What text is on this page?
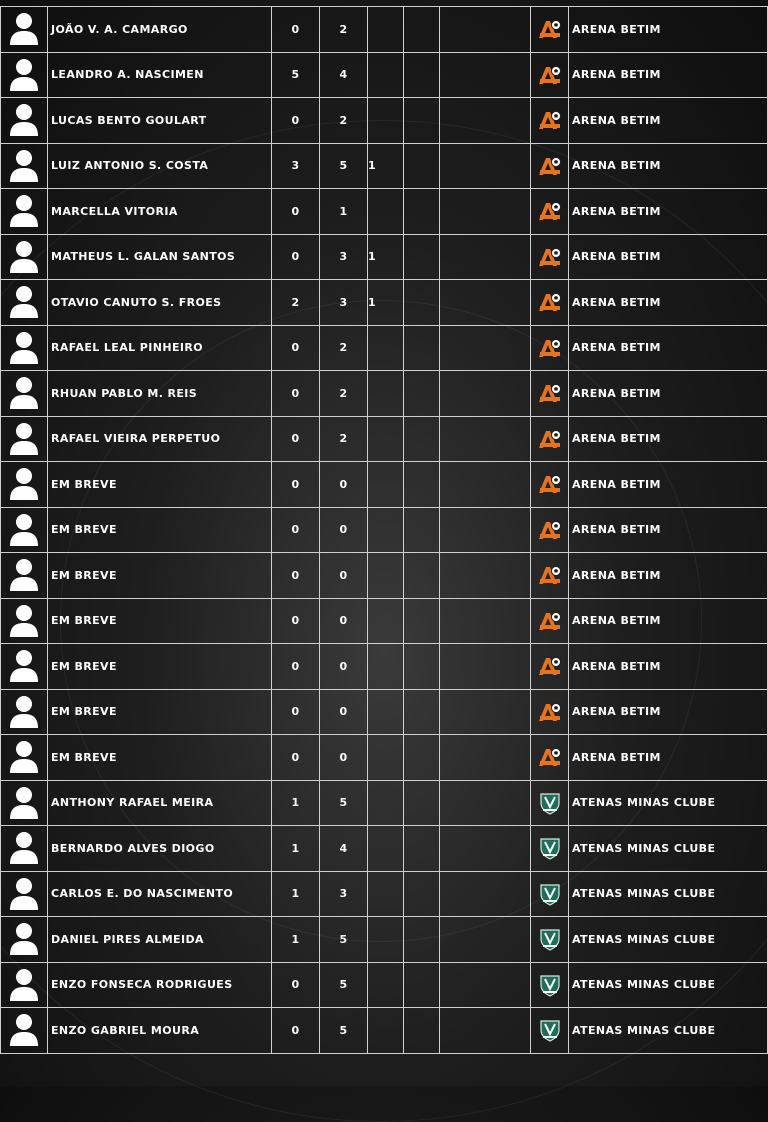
	JOÃO V. A. CAMARGO	0	2					ARENA BETIM
	LEANDRO A. NASCIMEN	5	4					ARENA BETIM
	LUCAS BENTO GOULART	0	2					ARENA BETIM
	LUIZ ANTONIO S. COSTA	3	5	1				ARENA BETIM
	MARCELLA VITORIA	0	1					ARENA BETIM
	MATHEUS L. GALAN SANTOS	0	3	1				ARENA BETIM
	OTAVIO CANUTO S. FROES	2	3	1				ARENA BETIM
	RAFAEL LEAL PINHEIRO	0	2					ARENA BETIM
	RHUAN PABLO M. REIS	0	2					ARENA BETIM
	RAFAEL VIEIRA PERPETUO	0	2					ARENA BETIM
	EM BREVE	0	0					ARENA BETIM
	EM BREVE	0	0					ARENA BETIM
	EM BREVE	0	0					ARENA BETIM
	EM BREVE	0	0					ARENA BETIM
	EM BREVE	0	0					ARENA BETIM
	EM BREVE	0	0					ARENA BETIM
	EM BREVE	0	0					ARENA BETIM
	ANTHONY RAFAEL MEIRA	1	5					ATENAS MINAS CLUBE
	BERNARDO ALVES DIOGO	1	4					ATENAS MINAS CLUBE
	CARLOS E. DO NASCIMENTO	1	3					ATENAS MINAS CLUBE
	DANIEL PIRES ALMEIDA	1	5					ATENAS MINAS CLUBE
	ENZO FONSECA RODRIGUES	0	5					ATENAS MINAS CLUBE
	ENZO GABRIEL MOURA	0	5					ATENAS MINAS CLUBE
